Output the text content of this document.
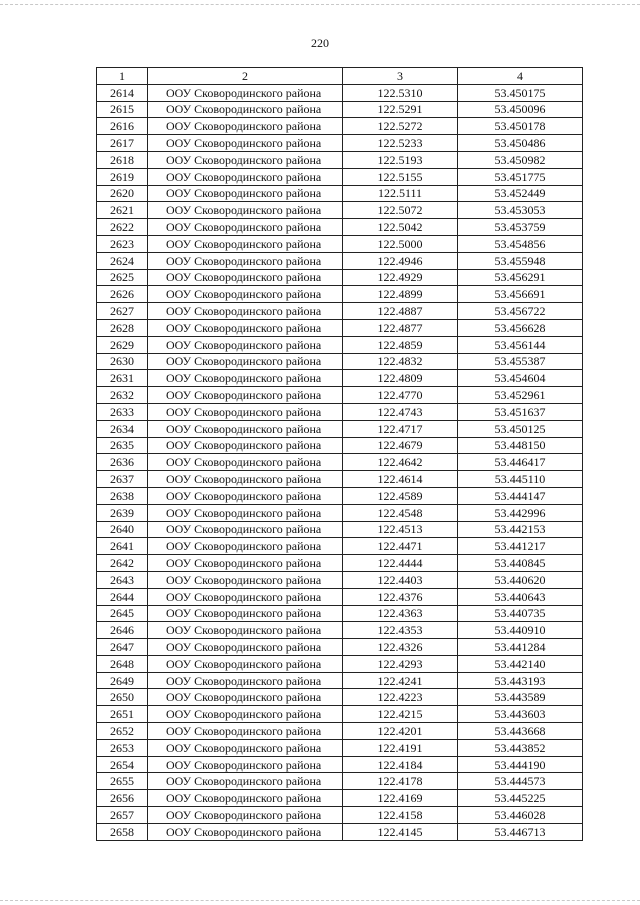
220
1	2	3	4
2614	ООУ Сковородинского района	122.5310	53.450175
2615	ООУ Сковородинского района	122.5291	53.450096
2616	ООУ Сковородинского района	122.5272	53.450178
2617	ООУ Сковородинского района	122.5233	53.450486
2618	ООУ Сковородинского района	122.5193	53.450982
2619	ООУ Сковородинского района	122.5155	53.451775
2620	ООУ Сковородинского района	122.5111	53.452449
2621	ООУ Сковородинского района	122.5072	53.453053
2622	ООУ Сковородинского района	122.5042	53.453759
2623	ООУ Сковородинского района	122.5000	53.454856
2624	ООУ Сковородинского района	122.4946	53.455948
2625	ООУ Сковородинского района	122.4929	53.456291
2626	ООУ Сковородинского района	122.4899	53.456691
2627	ООУ Сковородинского района	122.4887	53.456722
2628	ООУ Сковородинского района	122.4877	53.456628
2629	ООУ Сковородинского района	122.4859	53.456144
2630	ООУ Сковородинского района	122.4832	53.455387
2631	ООУ Сковородинского района	122.4809	53.454604
2632	ООУ Сковородинского района	122.4770	53.452961
2633	ООУ Сковородинского района	122.4743	53.451637
2634	ООУ Сковородинского района	122.4717	53.450125
2635	ООУ Сковородинского района	122.4679	53.448150
2636	ООУ Сковородинского района	122.4642	53.446417
2637	ООУ Сковородинского района	122.4614	53.445110
2638	ООУ Сковородинского района	122.4589	53.444147
2639	ООУ Сковородинского района	122.4548	53.442996
2640	ООУ Сковородинского района	122.4513	53.442153
2641	ООУ Сковородинского района	122.4471	53.441217
2642	ООУ Сковородинского района	122.4444	53.440845
2643	ООУ Сковородинского района	122.4403	53.440620
2644	ООУ Сковородинского района	122.4376	53.440643
2645	ООУ Сковородинского района	122.4363	53.440735
2646	ООУ Сковородинского района	122.4353	53.440910
2647	ООУ Сковородинского района	122.4326	53.441284
2648	ООУ Сковородинского района	122.4293	53.442140
2649	ООУ Сковородинского района	122.4241	53.443193
2650	ООУ Сковородинского района	122.4223	53.443589
2651	ООУ Сковородинского района	122.4215	53.443603
2652	ООУ Сковородинского района	122.4201	53.443668
2653	ООУ Сковородинского района	122.4191	53.443852
2654	ООУ Сковородинского района	122.4184	53.444190
2655	ООУ Сковородинского района	122.4178	53.444573
2656	ООУ Сковородинского района	122.4169	53.445225
2657	ООУ Сковородинского района	122.4158	53.446028
2658	ООУ Сковородинского района	122.4145	53.446713
